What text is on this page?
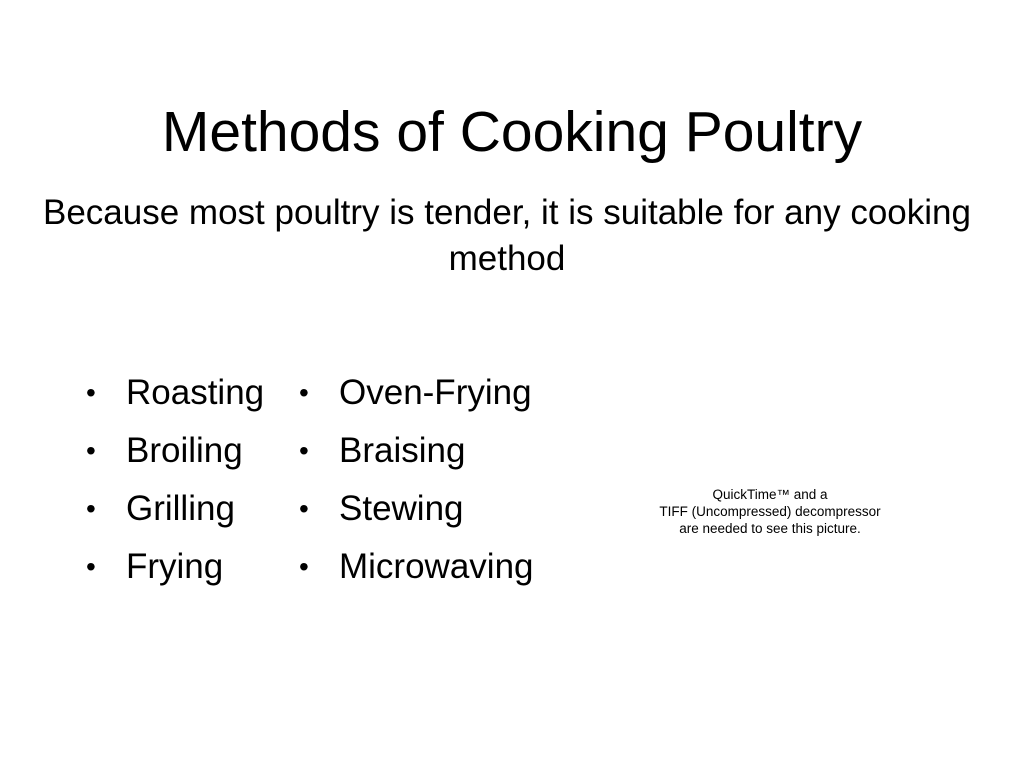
Methods of Cooking Poultry

Because most poultry is tender, it is suitable for any cooking method

• Roasting
• Broiling
• Grilling
• Frying
• Oven-Frying
• Braising
• Stewing
• Microwaving
QuickTime™ and a
TIFF (Uncompressed) decompressor
are needed to see this picture.
